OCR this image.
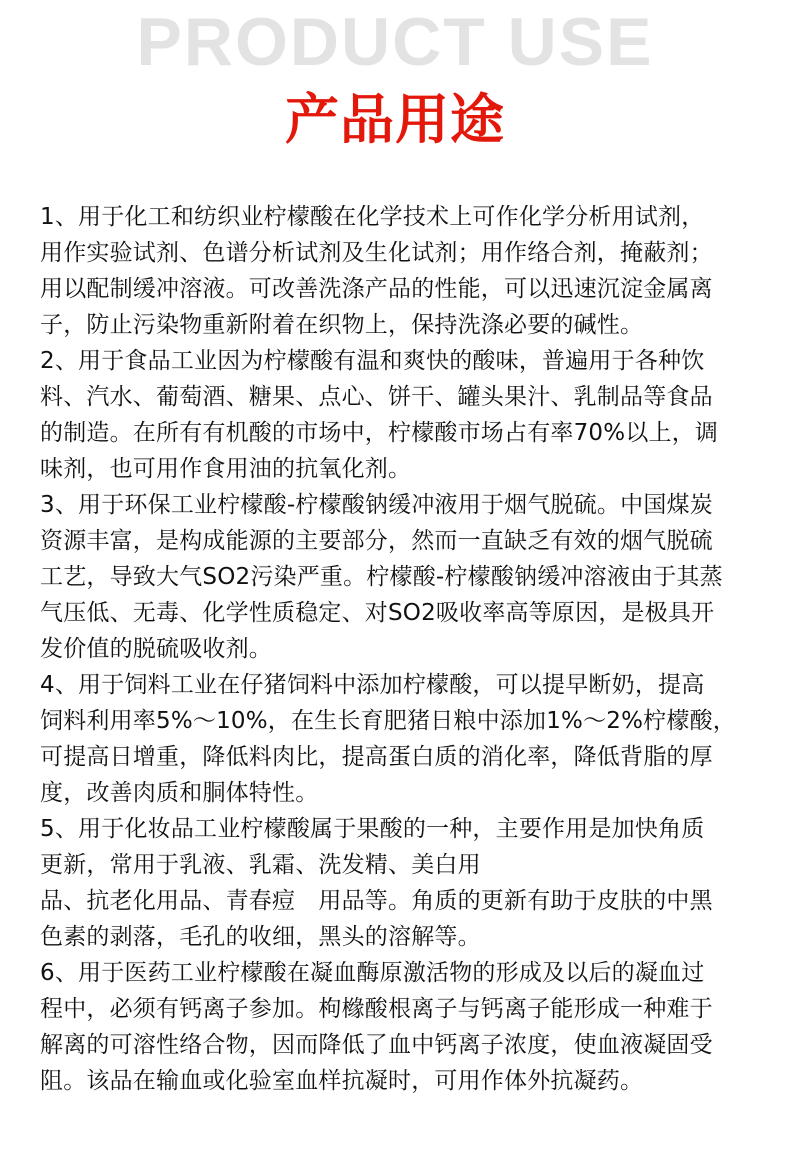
PRODUCT USE
产品用途
1、用于化工和纺织业柠檬酸在化学技术上可作化学分析用试剂，
用作实验试剂、色谱分析试剂及生化试剂；用作络合剂，掩蔽剂；
用以配制缓冲溶液。可改善洗涤产品的性能，可以迅速沉淀金属离
子，防止污染物重新附着在织物上，保持洗涤必要的碱性。
2、用于食品工业因为柠檬酸有温和爽快的酸味，普遍用于各种饮
料、汽水、葡萄酒、糖果、点心、饼干、罐头果汁、乳制品等食品
的制造。在所有有机酸的市场中，柠檬酸市场占有率70%以上，调
味剂，也可用作食用油的抗氧化剂。
3、用于环保工业柠檬酸-柠檬酸钠缓冲液用于烟气脱硫。中国煤炭
资源丰富，是构成能源的主要部分，然而一直缺乏有效的烟气脱硫
工艺，导致大气SO2污染严重。柠檬酸-柠檬酸钠缓冲溶液由于其蒸
气压低、无毒、化学性质稳定、对SO2吸收率高等原因，是极具开
发价值的脱硫吸收剂。
4、用于饲料工业在仔猪饲料中添加柠檬酸，可以提早断奶，提高
饲料利用率5%～10%，在生长育肥猪日粮中添加1%～2%柠檬酸，
可提高日增重，降低料肉比，提高蛋白质的消化率，降低背脂的厚
度，改善肉质和胴体特性。
5、用于化妆品工业柠檬酸属于果酸的一种，主要作用是加快角质
更新，常用于乳液、乳霜、洗发精、美白用
品、抗老化用品、青春痘　用品等。角质的更新有助于皮肤的中黑
色素的剥落，毛孔的收细，黑头的溶解等。
6、用于医药工业柠檬酸在凝血酶原激活物的形成及以后的凝血过
程中，必须有钙离子参加。枸橼酸根离子与钙离子能形成一种难于
解离的可溶性络合物，因而降低了血中钙离子浓度，使血液凝固受
阻。该品在输血或化验室血样抗凝时，可用作体外抗凝药。
